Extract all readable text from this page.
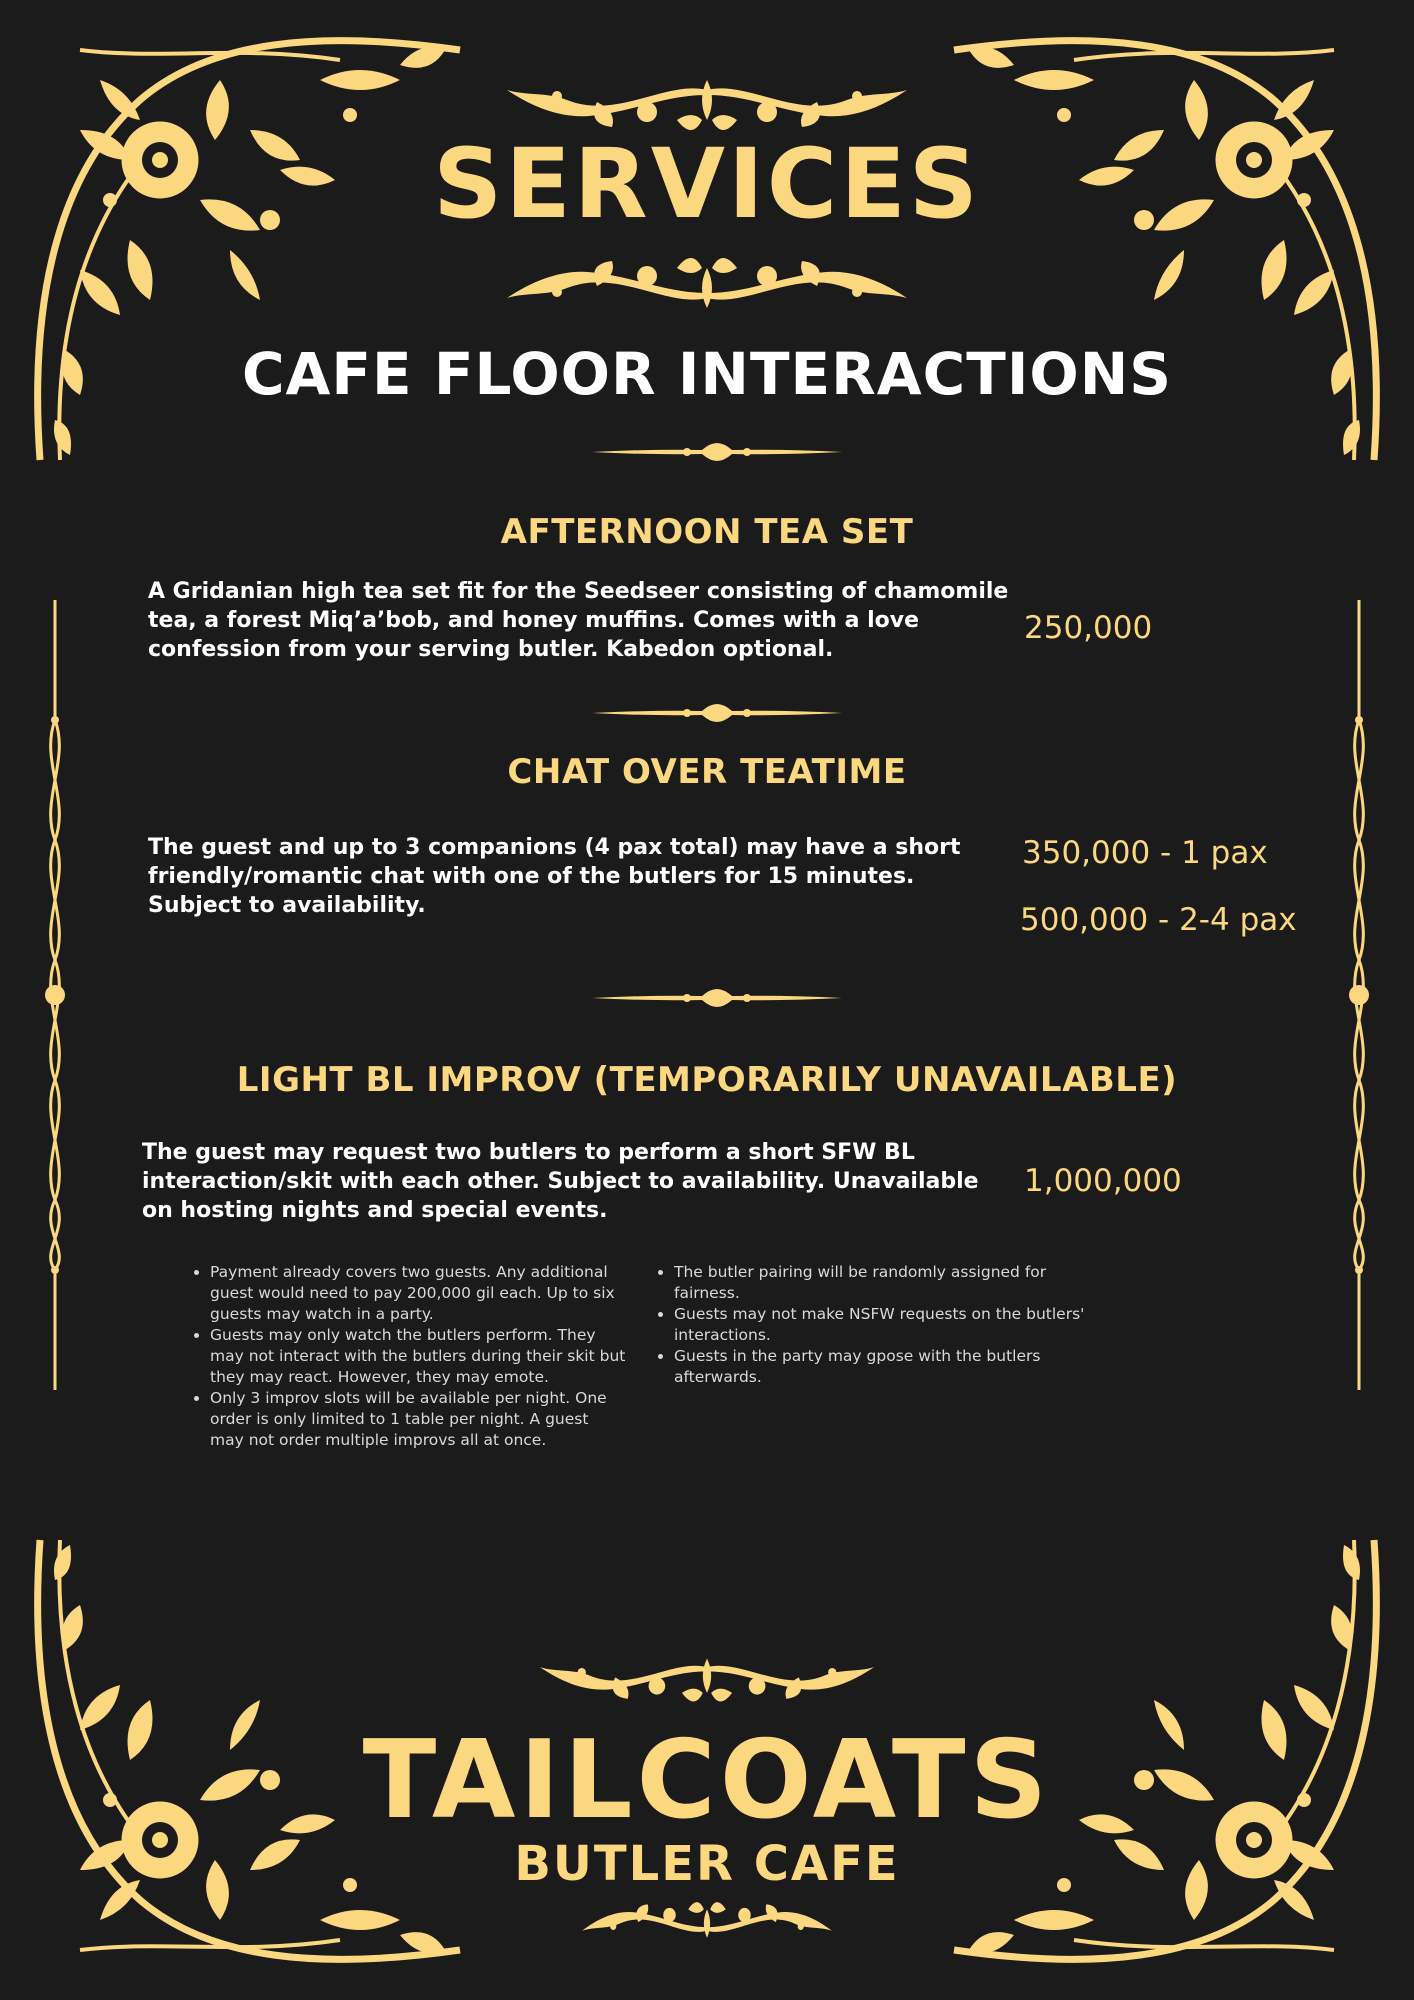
SERVICES
CAFE FLOOR INTERACTIONS
AFTERNOON TEA SET

A Gridanian high tea set fit for the Seedseer consisting of chamomile tea, a forest Miq’a’bob, and honey muffins. Comes with a love confession from your serving butler. Kabedon optional.

250,000

CHAT OVER TEATIME

The guest and up to 3 companions (4 pax total) may have a short friendly/romantic chat with one of the butlers for 15 minutes. Subject to availability.

350,000 - 1 pax

500,000 - 2-4 pax

LIGHT BL IMPROV (TEMPORARILY UNAVAILABLE)

The guest may request two butlers to perform a short SFW BL interaction/skit with each other. Subject to availability. Unavailable on hosting nights and special events.

1,000,000

• Payment already covers two guests. Any additional guest would need to pay 200,000 gil each. Up to six guests may watch in a party.
• Guests may only watch the butlers perform. They may not interact with the butlers during their skit but they may react. However, they may emote.
• Only 3 improv slots will be available per night. One order is only limited to 1 table per night. A guest may not order multiple improvs all at once.
• The butler pairing will be randomly assigned for fairness.
• Guests may not make NSFW requests on the butlers' interactions.
• Guests in the party may gpose with the butlers afterwards.
TAILCOATS
BUTLER CAFE
